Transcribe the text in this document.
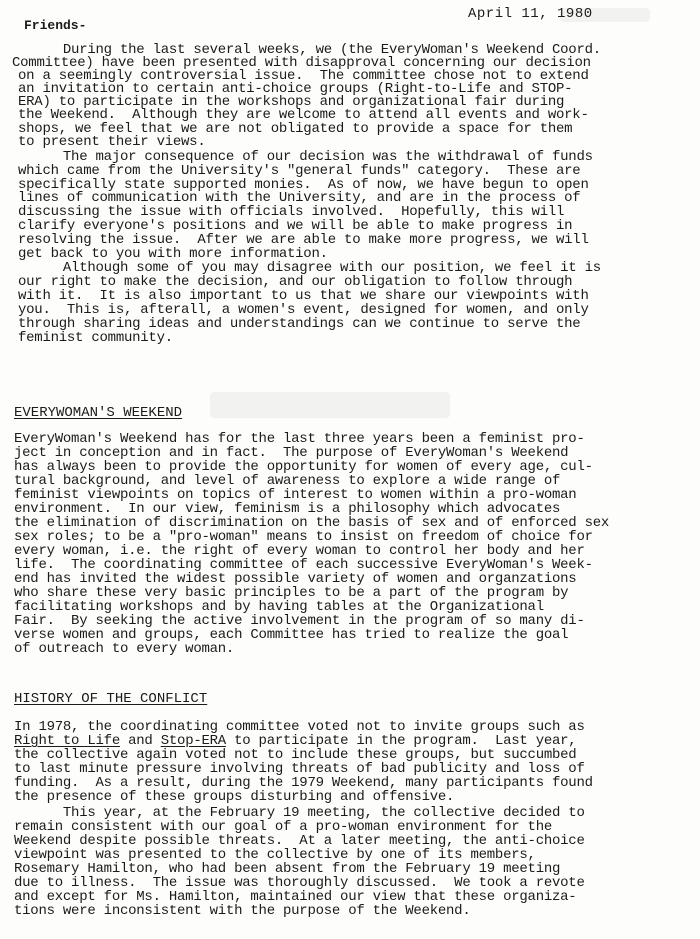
April 11, 1980
Friends-
During the last several weeks, we (the EveryWoman's Weekend Coord.
Committee) have been presented with disapproval concerning our decision
on a seemingly controversial issue.  The committee chose not to extend
an invitation to certain anti-choice groups (Right-to-Life and STOP-
ERA) to participate in the workshops and organizational fair during
the Weekend.  Although they are welcome to attend all events and work-
shops, we feel that we are not obligated to provide a space for them
to present their views.
The major consequence of our decision was the withdrawal of funds
which came from the University's "general funds" category.  These are
specifically state supported monies.  As of now, we have begun to open
lines of communication with the University, and are in the process of
discussing the issue with officials involved.  Hopefully, this will
clarify everyone's positions and we will be able to make progress in
resolving the issue.  After we are able to make more progress, we will
get back to you with more information.
Although some of you may disagree with our position, we feel it is
our right to make the decision, and our obligation to follow through
with it.  It is also important to us that we share our viewpoints with
you.  This is, afterall, a women's event, designed for women, and only
through sharing ideas and understandings can we continue to serve the
feminist community.
EVERYWOMAN'S WEEKEND
EveryWoman's Weekend has for the last three years been a feminist pro-
ject in conception and in fact.  The purpose of EveryWoman's Weekend
has always been to provide the opportunity for women of every age, cul-
tural background, and level of awareness to explore a wide range of
feminist viewpoints on topics of interest to women within a pro-woman
environment.  In our view, feminism is a philosophy which advocates
the elimination of discrimination on the basis of sex and of enforced sex
sex roles; to be a "pro-woman" means to insist on freedom of choice for
every woman, i.e. the right of every woman to control her body and her
life.  The coordinating committee of each successive EveryWoman's Week-
end has invited the widest possible variety of women and organzations
who share these very basic principles to be a part of the program by
facilitating workshops and by having tables at the Organizational
Fair.  By seeking the active involvement in the program of so many di-
verse women and groups, each Committee has tried to realize the goal
of outreach to every woman.
HISTORY OF THE CONFLICT
In 1978, the coordinating committee voted not to invite groups such as
Right to Life and Stop-ERA to participate in the program.  Last year,
the collective again voted not to include these groups, but succumbed
to last minute pressure involving threats of bad publicity and loss of
funding.  As a result, during the 1979 Weekend, many participants found
the presence of these groups disturbing and offensive.
This year, at the February 19 meeting, the collective decided to
remain consistent with our goal of a pro-woman environment for the
Weekend despite possible threats.  At a later meeting, the anti-choice
viewpoint was presented to the collective by one of its members,
Rosemary Hamilton, who had been absent from the February 19 meeting
due to illness.  The issue was thoroughly discussed.  We took a revote
and except for Ms. Hamilton, maintained our view that these organiza-
tions were inconsistent with the purpose of the Weekend.
